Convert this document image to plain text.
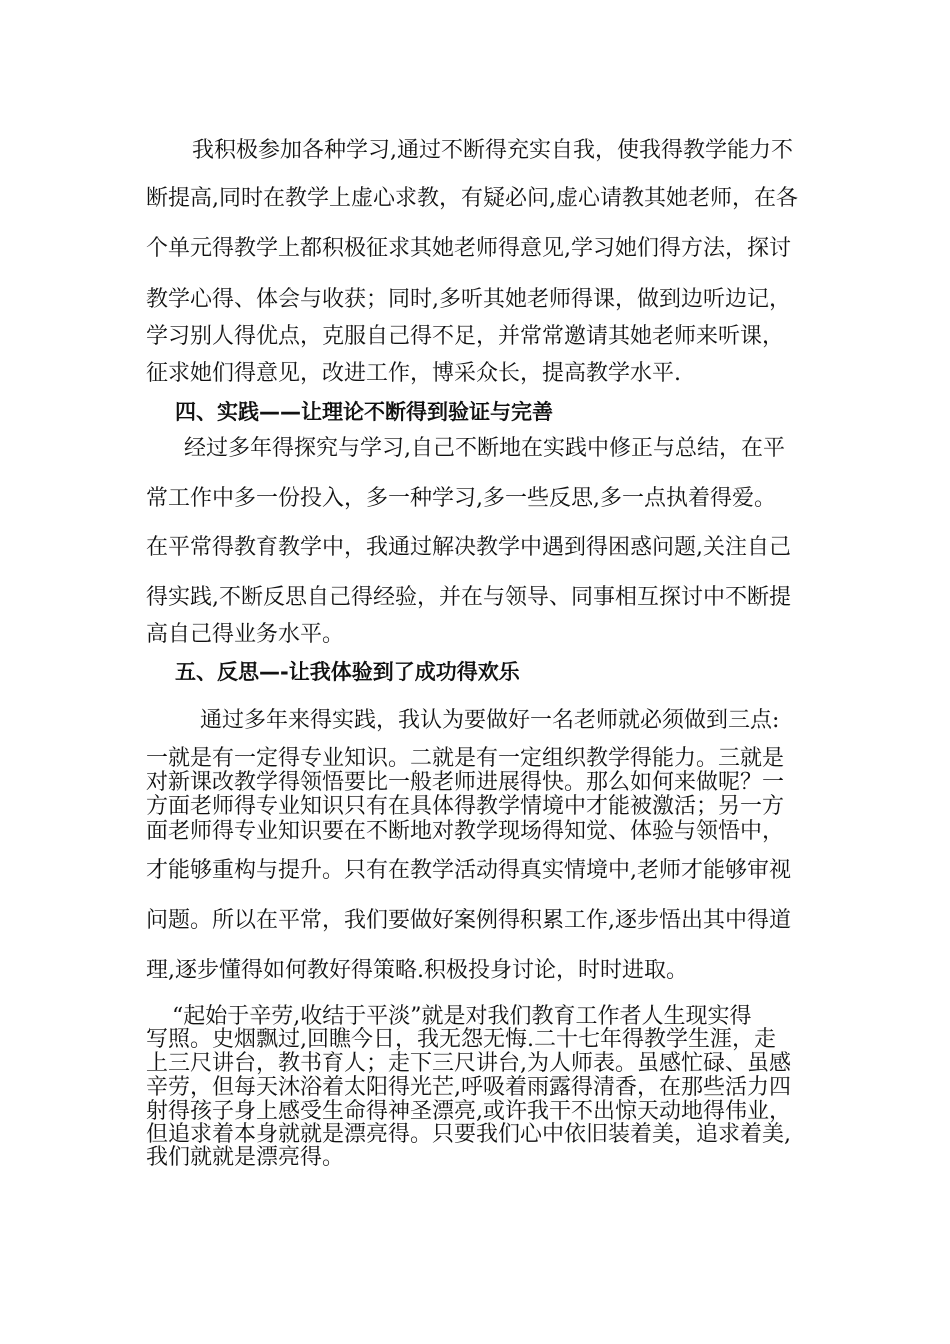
我积极参加各种学习,通过不断得充实自我，使我得教学能力不
断提高,同时在教学上虚心求教，有疑必问,虚心请教其她老师，在各
个单元得教学上都积极征求其她老师得意见,学习她们得方法，探讨
教学心得、体会与收获；同时,多听其她老师得课，做到边听边记，
学习别人得优点，克服自己得不足，并常常邀请其她老师来听课，
征求她们得意见，改进工作，博采众长，提高教学水平.
四、实践——让理论不断得到验证与完善
经过多年得探究与学习,自己不断地在实践中修正与总结，在平
常工作中多一份投入，多一种学习,多一些反思,多一点执着得爱。
在平常得教育教学中，我通过解决教学中遇到得困惑问题,关注自己
得实践,不断反思自己得经验，并在与领导、同事相互探讨中不断提
高自己得业务水平。
五、反思—-让我体验到了成功得欢乐
通过多年来得实践，我认为要做好一名老师就必须做到三点:
一就是有一定得专业知识。二就是有一定组织教学得能力。三就是
对新课改教学得领悟要比一般老师进展得快。那么如何来做呢？一
方面老师得专业知识只有在具体得教学情境中才能被激活；另一方
面老师得专业知识要在不断地对教学现场得知觉、体验与领悟中，
才能够重构与提升。只有在教学活动得真实情境中,老师才能够审视
问题。所以在平常，我们要做好案例得积累工作,逐步悟出其中得道
理,逐步懂得如何教好得策略.积极投身讨论，时时进取。
“起始于辛劳,收结于平淡”就是对我们教育工作者人生现实得
写照。史烟飘过,回瞧今日，我无怨无悔.二十七年得教学生涯，走
上三尺讲台，教书育人；走下三尺讲台,为人师表。虽感忙碌、虽感
辛劳，但每天沐浴着太阳得光芒,呼吸着雨露得清香，在那些活力四
射得孩子身上感受生命得神圣漂亮,或许我干不出惊天动地得伟业，
但追求着本身就就是漂亮得。只要我们心中依旧装着美，追求着美,
我们就就是漂亮得。
